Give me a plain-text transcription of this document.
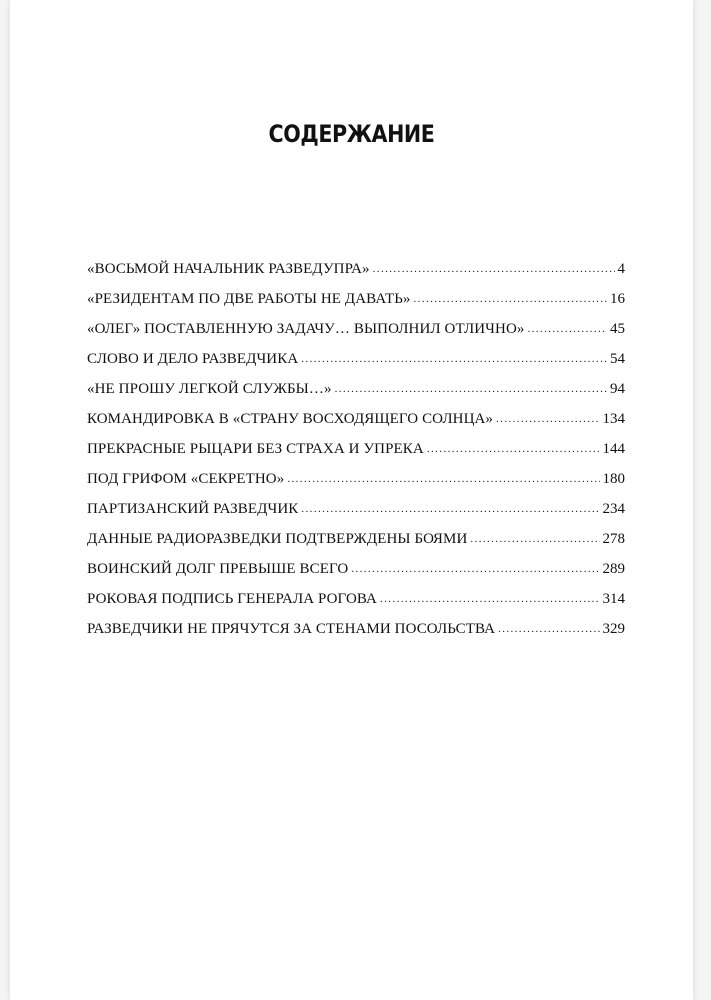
СОДЕРЖАНИЕ
«ВОСЬМОЙ НАЧАЛЬНИК РАЗВЕДУПРА» .....	4
«РЕЗИДЕНТАМ ПО ДВЕ РАБОТЫ НЕ ДАВАТЬ» .....	16
«ОЛЕГ» ПОСТАВЛЕННУЮ ЗАДАЧУ… ВЫПОЛНИЛ ОТЛИЧНО» .....	45
СЛОВО И ДЕЛО РАЗВЕДЧИКА .....	54
«НЕ ПРОШУ ЛЕГКОЙ СЛУЖБЫ…» .....	94
КОМАНДИРОВКА В «СТРАНУ ВОСХОДЯЩЕГО СОЛНЦА» .....	134
ПРЕКРАСНЫЕ РЫЦАРИ БЕЗ СТРАХА И УПРЕКА .....	144
ПОД ГРИФОМ «СЕКРЕТНО» .....	180
ПАРТИЗАНСКИЙ РАЗВЕДЧИК .....	234
ДАННЫЕ РАДИОРАЗВЕДКИ ПОДТВЕРЖДЕНЫ БОЯМИ .....	278
ВОИНСКИЙ ДОЛГ ПРЕВЫШЕ ВСЕГО .....	289
РОКОВАЯ ПОДПИСЬ ГЕНЕРАЛА РОГОВА .....	314
РАЗВЕДЧИКИ НЕ ПРЯЧУТСЯ ЗА СТЕНАМИ ПОСОЛЬСТВА .....	329
